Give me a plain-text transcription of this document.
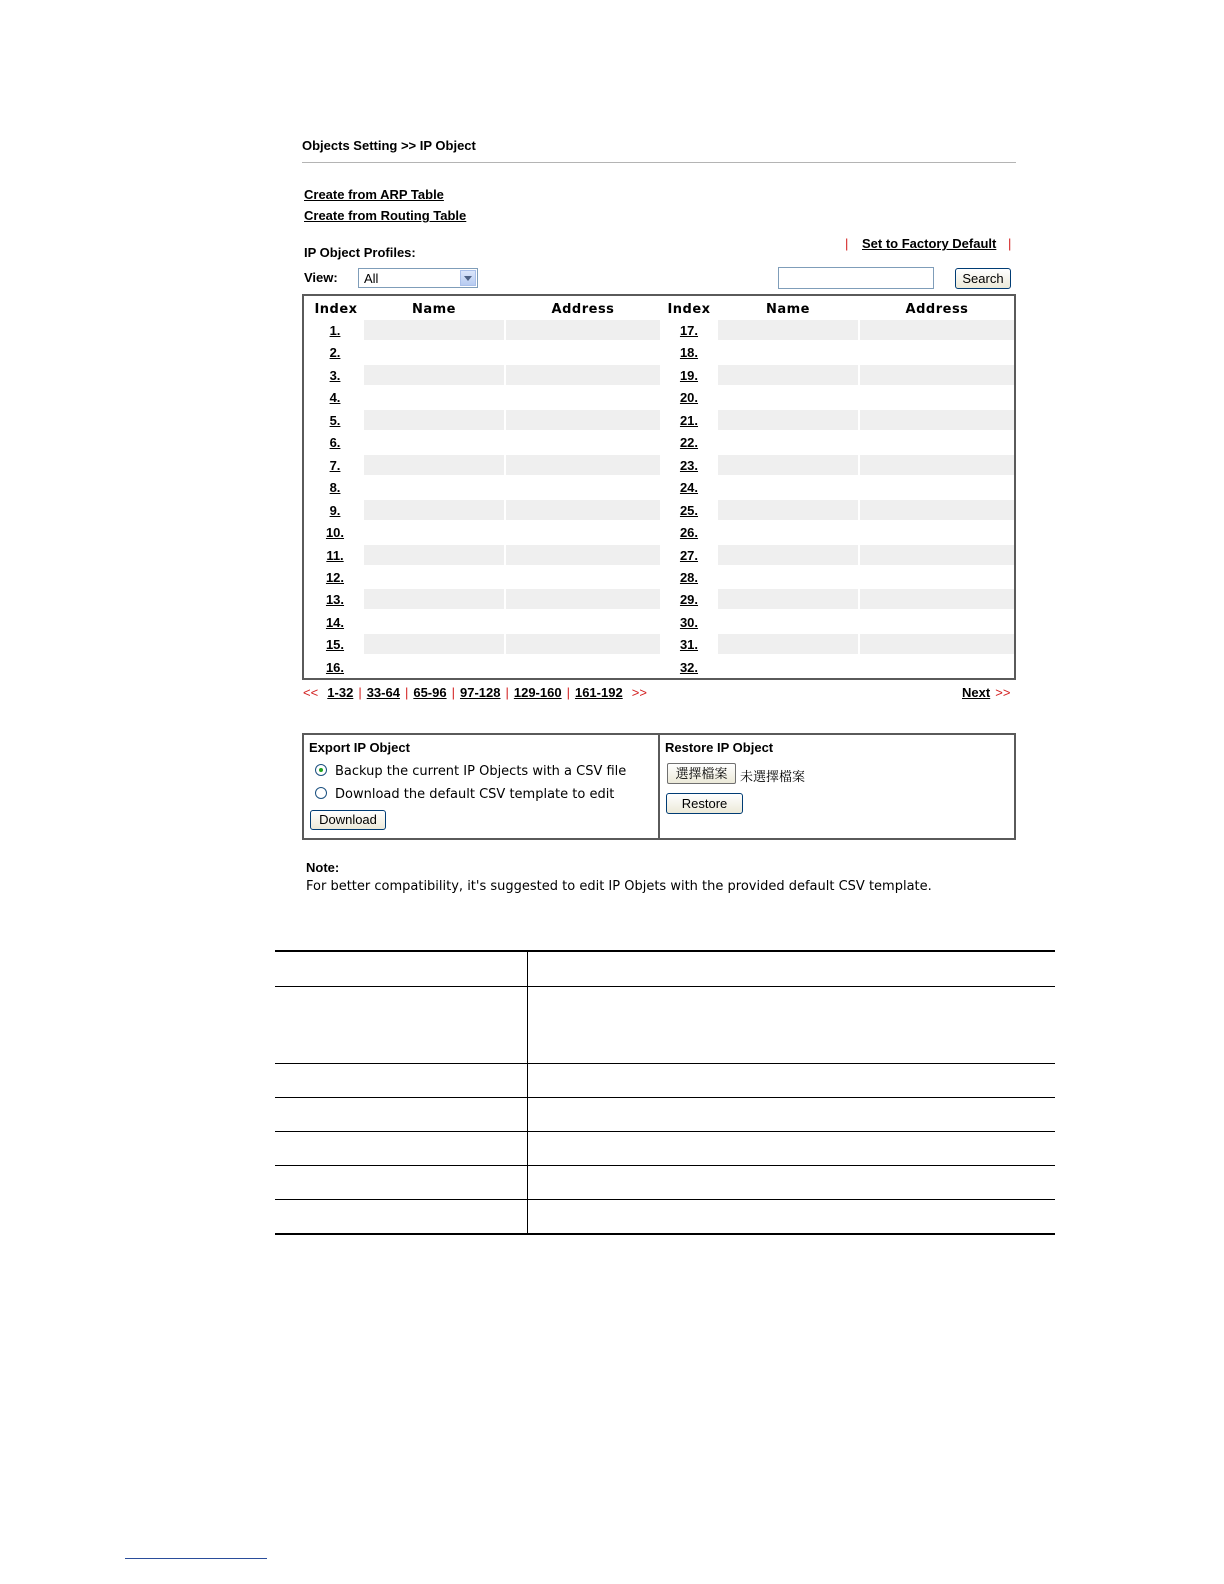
Objects Setting >> IP Object
Create from ARP Table
Create from Routing Table
IP Object Profiles:
| Set to Factory Default |
View: All	Search
Index	Name	Address	Index	Name	Address
1.	17.
2.	18.
3.	19.
4.	20.
5.	21.
6.	22.
7.	23.
8.	24.
9.	25.
10.	26.
11.	27.
12.	28.
13.	29.
14.	30.
15.	31.
16.	32.
<< 1-32 | 33-64 | 65-96 | 97-128 | 129-160 | 161-192 >>	Next >>
Export IP Object
Backup the current IP Objects with a CSV file
Download the default CSV template to edit
Download
Restore IP Object
選擇檔案 未選擇檔案
Restore
Note:
For better compatibility, it's suggested to edit IP Objets with the provided default CSV template.
